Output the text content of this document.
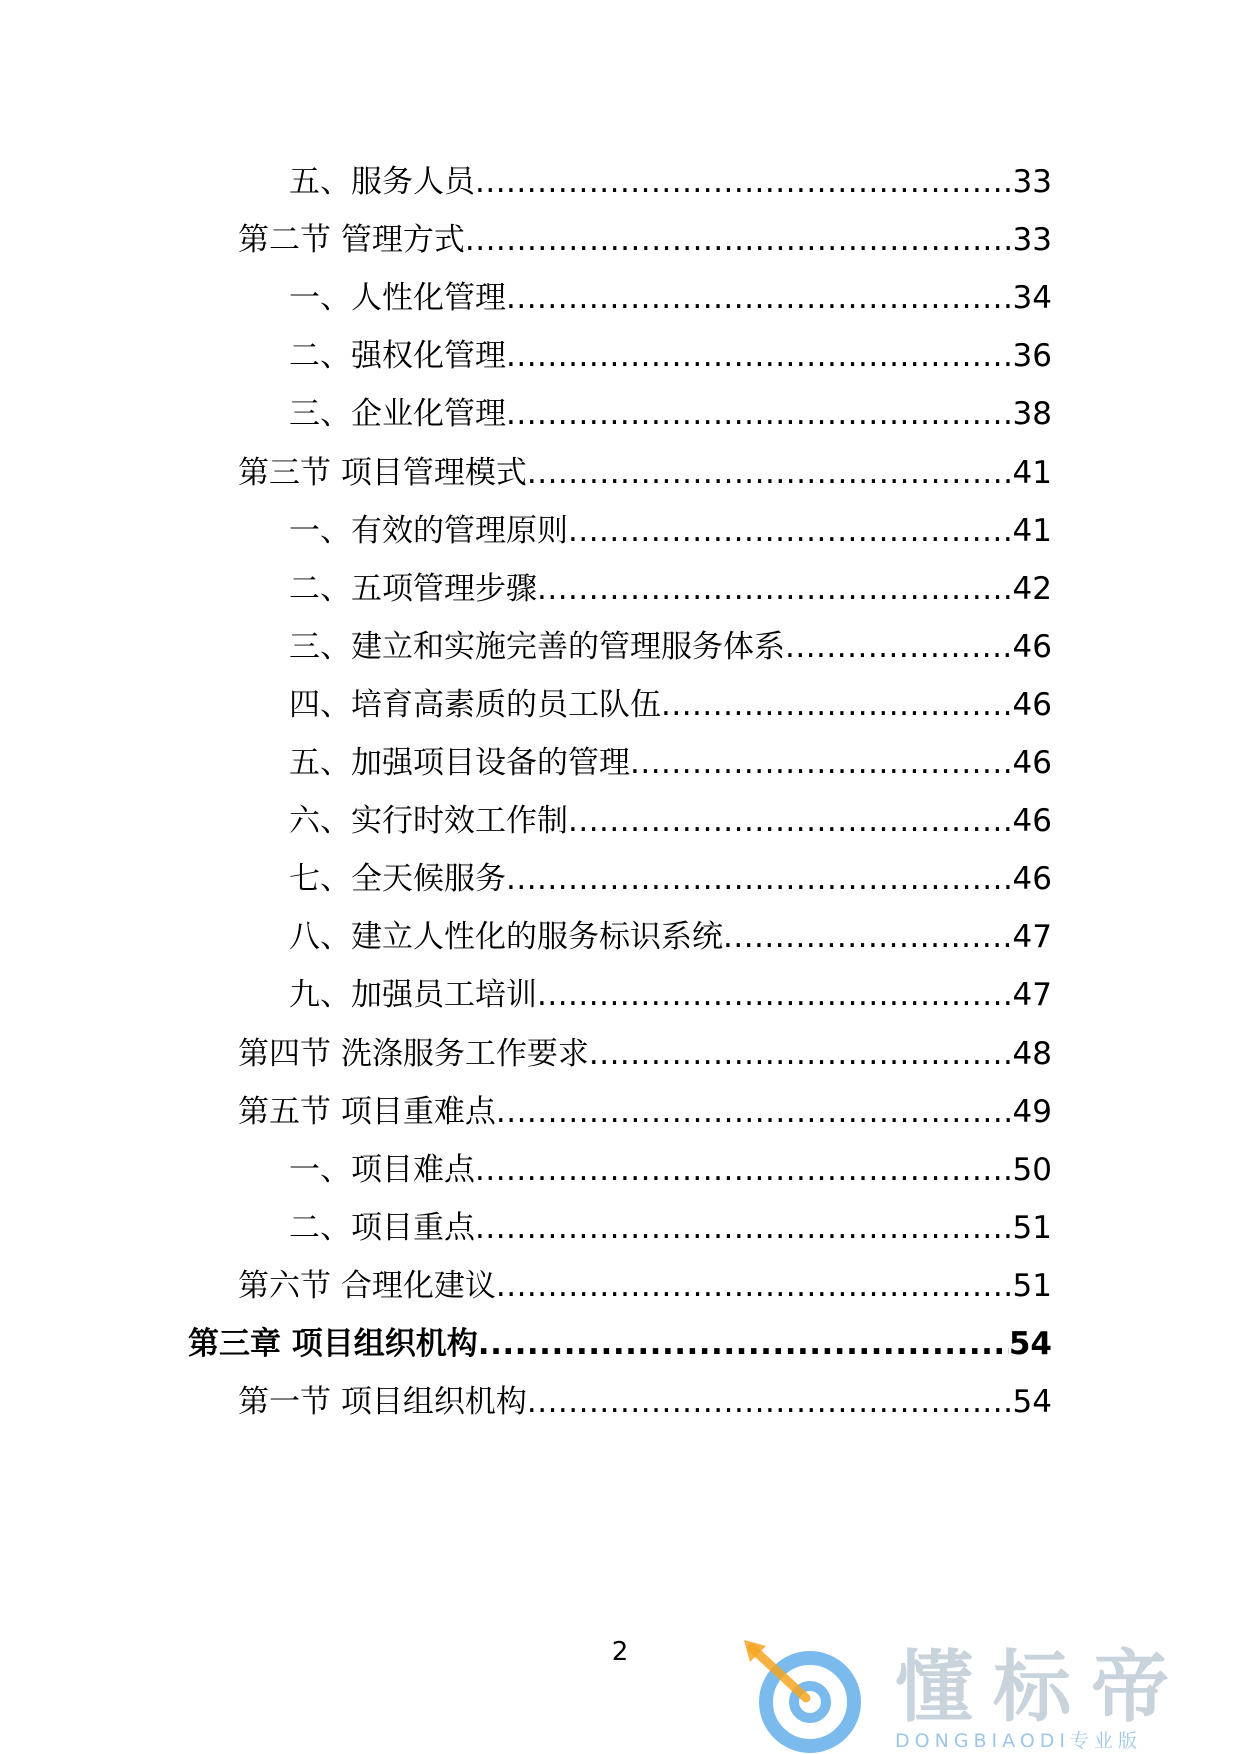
五、服务人员 .....	33
第二节 管理方式 .....	33
一、人性化管理 .....	34
二、强权化管理 .....	36
三、企业化管理 .....	38
第三节 项目管理模式 .....	41
一、有效的管理原则 .....	41
二、五项管理步骤 .....	42
三、建立和实施完善的管理服务体系 .....	46
四、培育高素质的员工队伍 .....	46
五、加强项目设备的管理 .....	46
六、实行时效工作制 .....	46
七、全天候服务 .....	46
八、建立人性化的服务标识系统 .....	47
九、加强员工培训 .....	47
第四节 洗涤服务工作要求 .....	48
第五节 项目重难点 .....	49
一、项目难点 .....	50
二、项目重点 .....	51
第六节 合理化建议 .....	51
第三章 项目组织机构 .....	54
第一节 项目组织机构 .....	54
2	懂标帝
DONGBIAODI专业版
